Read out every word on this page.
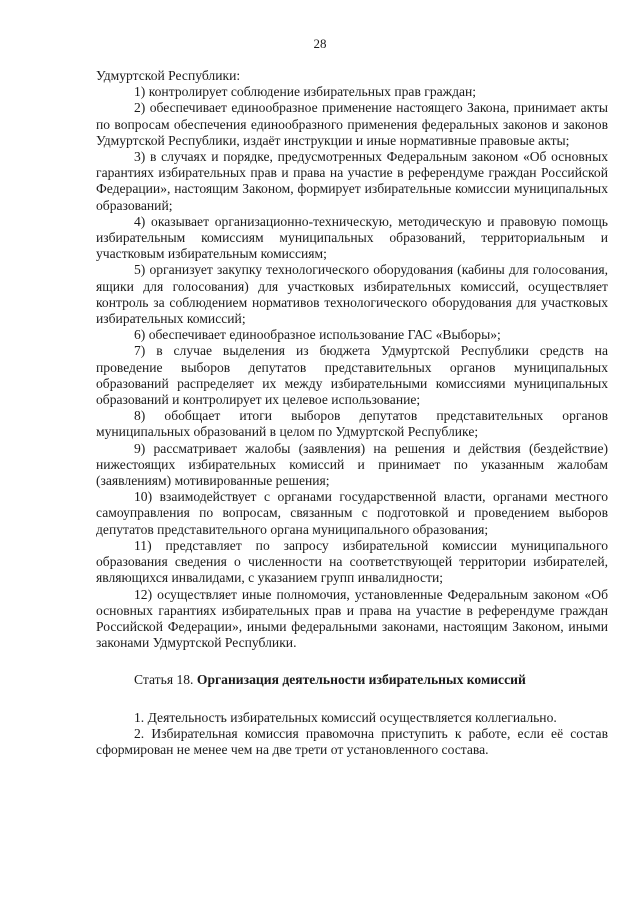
28

Удмуртской Республики:

1) контролирует соблюдение избирательных прав граждан;

2) обеспечивает единообразное применение настоящего Закона, принимает акты по вопросам обеспечения единообразного применения федеральных законов и законов Удмуртской Республики, издаёт инструкции и иные нормативные правовые акты;

3) в случаях и порядке, предусмотренных Федеральным законом «Об основных гарантиях избирательных прав и права на участие в референдуме граждан Российской Федерации», настоящим Законом, формирует избирательные комиссии муниципальных образований;

4) оказывает организационно-техническую, методическую и правовую помощь избирательным комиссиям муниципальных образований, территориальным и участковым избирательным комиссиям;

5) организует закупку технологического оборудования (кабины для голосования, ящики для голосования) для участковых избирательных комиссий, осуществляет контроль за соблюдением нормативов технологического оборудования для участковых избирательных комиссий;

6) обеспечивает единообразное использование ГАС «Выборы»;

7) в случае выделения из бюджета Удмуртской Республики средств на проведение выборов депутатов представительных органов муниципальных образований распределяет их между избирательными комиссиями муниципальных образований и контролирует их целевое использование;

8) обобщает итоги выборов депутатов представительных органов муниципальных образований в целом по Удмуртской Республике;

9) рассматривает жалобы (заявления) на решения и действия (бездействие) нижестоящих избирательных комиссий и принимает по указанным жалобам (заявлениям) мотивированные решения;

10) взаимодействует с органами государственной власти, органами местного самоуправления по вопросам, связанным с подготовкой и проведением выборов депутатов представительного органа муниципального образования;

11) представляет по запросу избирательной комиссии муниципального образования сведения о численности на соответствующей территории избирателей, являющихся инвалидами, с указанием групп инвалидности;

12) осуществляет иные полномочия, установленные Федеральным законом «Об основных гарантиях избирательных прав и права на участие в референдуме граждан Российской Федерации», иными федеральными законами, настоящим Законом, иными законами Удмуртской Республики.

Статья 18. Организация деятельности избирательных комиссий

1. Деятельность избирательных комиссий осуществляется коллегиально.

2. Избирательная комиссия правомочна приступить к работе, если её состав сформирован не менее чем на две трети от установленного состава.
